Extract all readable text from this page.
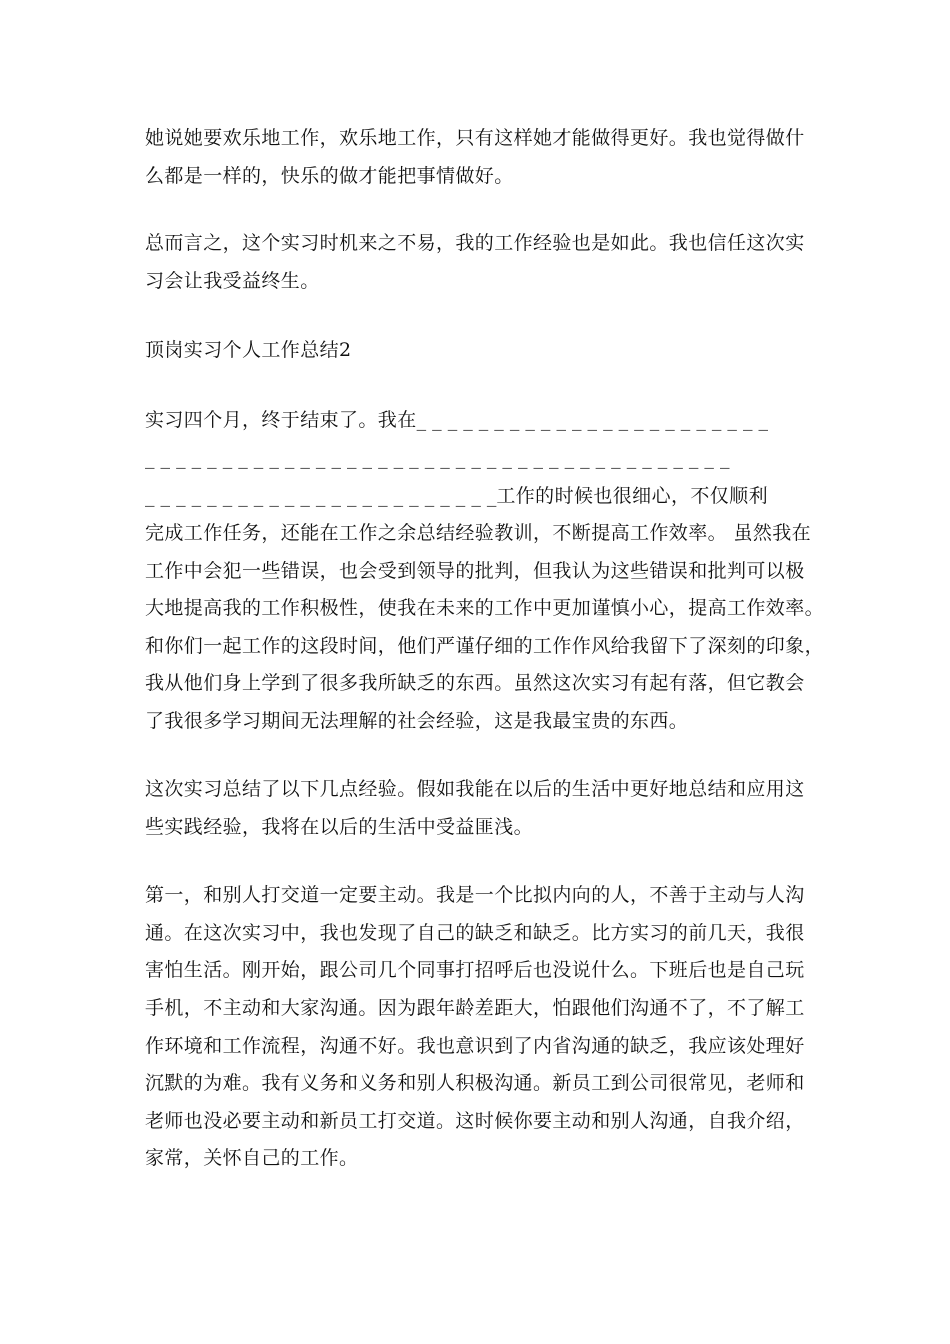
她说她要欢乐地工作，欢乐地工作，只有这样她才能做得更好。我也觉得做什

么都是一样的，快乐的做才能把事情做好。

总而言之，这个实习时机来之不易，我的工作经验也是如此。我也信任这次实

习会让我受益终生。

顶岗实习个人工作总结2

实习四个月，终于结束了。我在_ _ _ _ _ _ _ _ _ _ _ _ _ _ _ _ _ _ _ _ _ _ _

_ _ _ _ _ _ _ _ _ _ _ _ _ _ _ _ _ _ _ _ _ _ _ _ _ _ _ _ _ _ _ _ _ _ _ _ _ _

_ _ _ _ _ _ _ _ _ _ _ _ _ _ _ _ _ _ _ _ _ _ _工作的时候也很细心，不仅顺利

完成工作任务，还能在工作之余总结经验教训，不断提高工作效率。 虽然我在

工作中会犯一些错误，也会受到领导的批判，但我认为这些错误和批判可以极

大地提高我的工作积极性，使我在未来的工作中更加谨慎小心，提高工作效率。

和你们一起工作的这段时间，他们严谨仔细的工作作风给我留下了深刻的印象，

我从他们身上学到了很多我所缺乏的东西。虽然这次实习有起有落，但它教会

了我很多学习期间无法理解的社会经验，这是我最宝贵的东西。

这次实习总结了以下几点经验。假如我能在以后的生活中更好地总结和应用这

些实践经验，我将在以后的生活中受益匪浅。

第一，和别人打交道一定要主动。我是一个比拟内向的人，不善于主动与人沟

通。在这次实习中，我也发现了自己的缺乏和缺乏。比方实习的前几天，我很

害怕生活。刚开始，跟公司几个同事打招呼后也没说什么。下班后也是自己玩

手机，不主动和大家沟通。因为跟年龄差距大，怕跟他们沟通不了，不了解工

作环境和工作流程，沟通不好。我也意识到了内省沟通的缺乏，我应该处理好

沉默的为难。我有义务和义务和别人积极沟通。新员工到公司很常见，老师和

老师也没必要主动和新员工打交道。这时候你要主动和别人沟通，自我介绍，

家常，关怀自己的工作。
